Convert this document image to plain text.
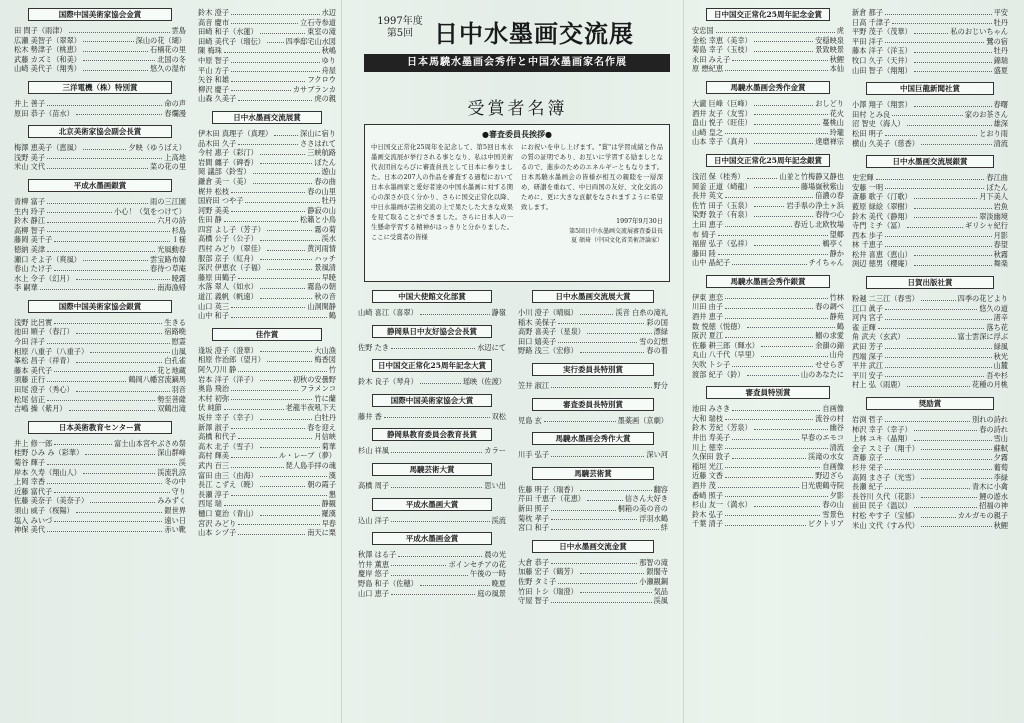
国際中国美術家協会金賞
田 問子（雨津）	雲島
広瀬 美智子（翠翠）	深山の花（瑚）
松木 勢津子（桃恵）	石楠花の里
武藤 カズミ（和美）	北国の冬
山崎 美代子（翔秀）	悠久の湿布
三洋電機（株）特別賞
井上 善子	命の声
原田 恭子（苗水）	春爛漫
北京美術家協会副会長賞
梅澤 恵美子（恵風）	夕映（ゆうばえ）
浅野 美子	上高地
米山 文代	菜の花の里
平成水墨画銀賞
青柳 富子	雨の三江園
生内 玲子	小心！（気をつけて）
鈴木 静江	六月の詩
高柳 智子	杉島
藤岡 美千子	Ｉ様
徳納 美津	光風動春
瀬口 そよ子（爽風）	雲宝路布韓
春山 たけ子	春待つ草庵
水上 令子（幻月）	暁霧
李 嗣華	南海漁帰
国際中国美術家協会銀賞
浅野 比呂實	生きる
池田 順子（春汀）	宿路晩
今田 洋子	慰霊
相原 八重子（八重子）	山風
峯松 昌子（祥青）	白孔雀
藤本 美代子	花と地蔵
須藤 正行	鶴岡八幡宮流鏑馬
田尾 澄子（秀心）	羽音
松尾 信正	勢至菩薩
吉嶋 操（紫月）	双鶴出滝
日本美術教育センター賞
井上 修一郎	富士山本宮やぶさめ祭
桂野 ひみ み（彩華）	深山群峰
菊谷 輝子	渓
岸本 久寿（翔山人）	渓流乳涼
上岡 幸香	冬の中
近藤 富代子	守り
佐藤 美奈子（美奈子）	みみずく
須山 威子（桜陽）	銀世界
塩入 みいづ	遠い日
神保 美代	赤い靴
鈴木 澄子	水辺
高音 慶市	立石寺参道
田崎 和子（水蓮）	東室の滝
田崎 美代子（瑠伝）	四季邸宅山水図
陳 梅珠	秋嶋
中原 智子	ゆり
平山 方子	舟屋
矢谷 和雄	フクロウ
柳沢 慶子	カサブランカ
山森 久美子	虎の親
日中水墨画交流展賞
伊木田 真理子（真理）	深山に宿り
品木田 久子	ささはれて
今村 惠子（彩汀）	三峡航路
岩間 纏子（碑香）	ぼたん
岡 議部（鈴雪）	遊山
鎌倉 美一（美）	春の曲
梶井 松枝	春の山里
国府田 つや子	牡丹
河野 美美	静寂の山
佐田 静	松籟と小鳥
四宮 よし子（芳子）	霧の菊
高橋 公子（公子）	渓水
西村 みどり（翠佳）	黄河雨情
服部 京子（紅舟）	ハッチ
深沢 伊恵衣（子福）	景風清
藤原 田鶴子	早暁
水落 翠人（如水）	霧島の朝
道江 義帆（帆遠）	秋の音
山口 英三	山洞閑静
山中 和子	鶴
佳作賞
逢坂 澄子（澄華）	大山漁
相原 作治郎（望月）	梅香図
阿久刀川 静	竹
岩本 洋子（洋子）	初秋の安曇野
奥島 飛治	フラメンコ
木村 初弥	竹に蘭
伏 純節	老龍半夜吼下天
坂井 幸子（幸子）	白牡丹
新澤 淑子	春を迎え
高橋 和代子	月信峡
高木 北子（雪子）	菊華
高村 輝美	ル・レーブ（夢）
武内 百三	琵人島手拝の魂
富田 由三（由海）	漢
長江 こずえ（暁）	朝の霞子
長瀬 淳子	懇
西尾 瑞	静観
樋口 寛治（青山）	羅漢
宮沢 みどり	早春
山本 シヅ子	南天に栗
1997年度
第5回 日中水墨画交流展
日本馬驍水墨画会秀作と中国水墨画家名作展
受賞者名簿
●審査委員長挨拶●
中日国交正常化25周年を記念して、第5回日本水墨画交流展が挙行される事となり、私は中国美術代表団員ならびに審査員長として日本に参りました。日本の207人の作品を審査する過程において日本水墨画家と愛好者達の中国水墨画に対する関心の深さが良く分かり、さらに国交正常化以降、中日水墨画が芸術交流の上で果たした大きな成果を見て取ることができました。さらに日本人の一生懸命学習する精神がはっきりと分かりました。ここに受賞者の皆様
にお祝いを申し上げます。"賞"は学習成績と作品の質の証明であり、お互いに学習する励ましとなるので、進歩のためのエネルギーともなります。日本馬驍水墨画会の皆様が相互の親睦を一層深め、研讃を重ねて、中日両国の友好、文化交流のために、更に大きな貢献をなされますように希望致します。
1997年9月30日
第5回日中水墨画交流展審査委員長
夏 碩琦（中国文化省美術評論家）
中国大使館文化部賞
山崎 喜江（喜翠）	瀞嶺
静岡県日中友好協会会長賞
佐野 たき	水辺にて
日中国交正常化25周年記念大賞
鈴木 良子（琴舟）	瑶映（佐渡）
国際中国美術家協会大賞
藤井 香	双松
静岡県教育委員会教育長賞
杉山 祥風	カラー
馬驍芸術大賞
高橋 周子	思い出
平成水墨画大賞
込山 洋子	渓流
平成水墨画金賞
秋澤 はる子	晨の光
竹井 薫恵	ボインセチアの花
慶岸 悠子	午後の一時
野島 和子（佐穂）	晩夏
山口 恵子	庭の風景
日中水墨画交流展大賞
小川 澄子（晴風）	渓音 白糸の滝礼
稲木 美保子	彩の国
高野 喜美子（星泉）	漂緑
田口 嬉美子	雪の幻想
野路 浅三（宏修）	春の着
実行委員長特別賞
笠井 淑江	野分
審査委員長特別賞
児島 玄	墨薬画（京劇）
馬驍水墨画会秀作大賞
川手 弘子	深い河
馬驍芸術賞
佐藤 明子（瑞香）	翻容
芹田 千恵子（花恵）	信さん大好き
新田 照子	桐箱の美の音の
菊枕 孝子	浮羽水鶴
宮口 和子	絆
日中水墨画交流金賞
大倉 恭子	那智の滝
加藤 宏子（鶴芳）	銀閣寺
佐野 タミ子	小瀬観鋼
竹田 トシ（瑞澄）	気品
守屋 智子	渓風
日中国交正常化25周年記念金賞
安忠国	虎
金松 幸恵（美幸）	安穏映泉
菊島 幸子（玉枝）	景致映景
永田 みえ子	秋鯉
原 懋紀恵	本仙
馬驍水墨画会秀作金賞
大瀧 巨峰（巨峰）	おしどり
酒井 友子（友雪）	花火
畠山 悦子（旺佳）	蔓桃山
山崎 皇之	玲瓏
山本 幸子（真舟）	達磨禅宗
日中国交正常化25周年記念銀賞
浅沼 保（桂秀）	山並と竹梅静又静也
岡釜 正道（崎龍）	藤場嶽秋紫山
長井 英文	倍濃の春
佐竹 田子（玉泉）	岩手県の浄土ヶ浜
染野 敦子（有泉）	春待つ心
土田 恵子	春近し北欧牧場
布 綺子	望郷
福留 弘子（弘祥）	鵜亭く
藤田 陸	静か
山中 晶紀子	チイちゃん
馬驍水墨画会秀作銀賞
伊東 恵恋	竹林
川田 由子	春の調べ
酒井 恵子	静苑
数 悦徳（悦徳）	鶴
阪沢 夏江	鰯の求愛
佐藤 耕三郎（輝水）	余韻の錦
丸山 八千代（早里）	山舟
矢吹 トシ子	せせらぎ
渡部 紀子（鈴）	山のあなたに
審査員特別賞
池田 みさき	自画像
大和 瑞枝	流谷の村
鈴木 芳紀（芳泉）	幽谷
井出 寿美子	早春のエモコ
川上 徳幸	清流
久保田 敦子	渓滝の水女
稲垣 光江	自画像
近藤 文香	野辺ざら
酒井 茂	日光鹿鶴寺院
番崎 照子	夕影
杉山 友一（満水）	春の山
鈴木 弘子	雪景色
千葉 清子	ビクトリア
新倉 都子	平安
日高 千津子	牡丹
平野 茂子（茂華）	私のおじいちゃん
平田 洋子	鷺の宿
藤本 洋子（洋玉）	牡丹
牧口 久子（天井）	錦瑞
山田 智子（翔翔）	盛夏
中国巨龍新聞社賞
小澤 翔子（翔雲）	春曙
田村 とみ良	家のお茶さん
沼 智史（海人）	雄深
松田 明子	とおり雨
横山 久美子（慈香）	清流
日中水墨画交流展銀賞
史宏輝	春江曲
安藤 一明	ぼたん
斎藤 歌子（汀歌）	月下美人
藍原 緑絵（翠樹）	岩魚
鈴木 美代（静翔）	翠淡幽境
寺門 ミチ（冨）	ギリシャ紀行
西本 歩子	月影
林 千恵子	春望
松井 喜恵（恵山）	秋霧
渕辺 徳男（櫻庵）	舞楽
日賀出版社賞
粉越 二三江（春雪）	四季の花どより
江口 眞子	悠久の道
河内 宮子	渚辛
雀 正輝	落ち花
角 武夫（玄武）	富士雲深に浮ぶ
武田 芳子	緑風
西端 深子	秋光
平井 武江	山麓
平川 安子	吾や杉
村上 弘（雨鹿）	花種の月桃
奨励賞
岩渕 哲子	別れの詩れ
柿沢 幸子（幸子）	春の詩れ
上林 ユキ（晶翔）	雪山
金子 スミ子（翔千）	蘇軾
斉藤 京子	夕霧
杉井 栄子	葡萄
高岡 まさ子（光雪）	李緑
長瀬 紀子	青木に小禽
長谷川 久代（花影）	鯉の遊水
前田 民子（温以）	招福の神
村松 やす子（宝郁）	カルガモの親子
米山 文代（すみ代）	秋鯉
